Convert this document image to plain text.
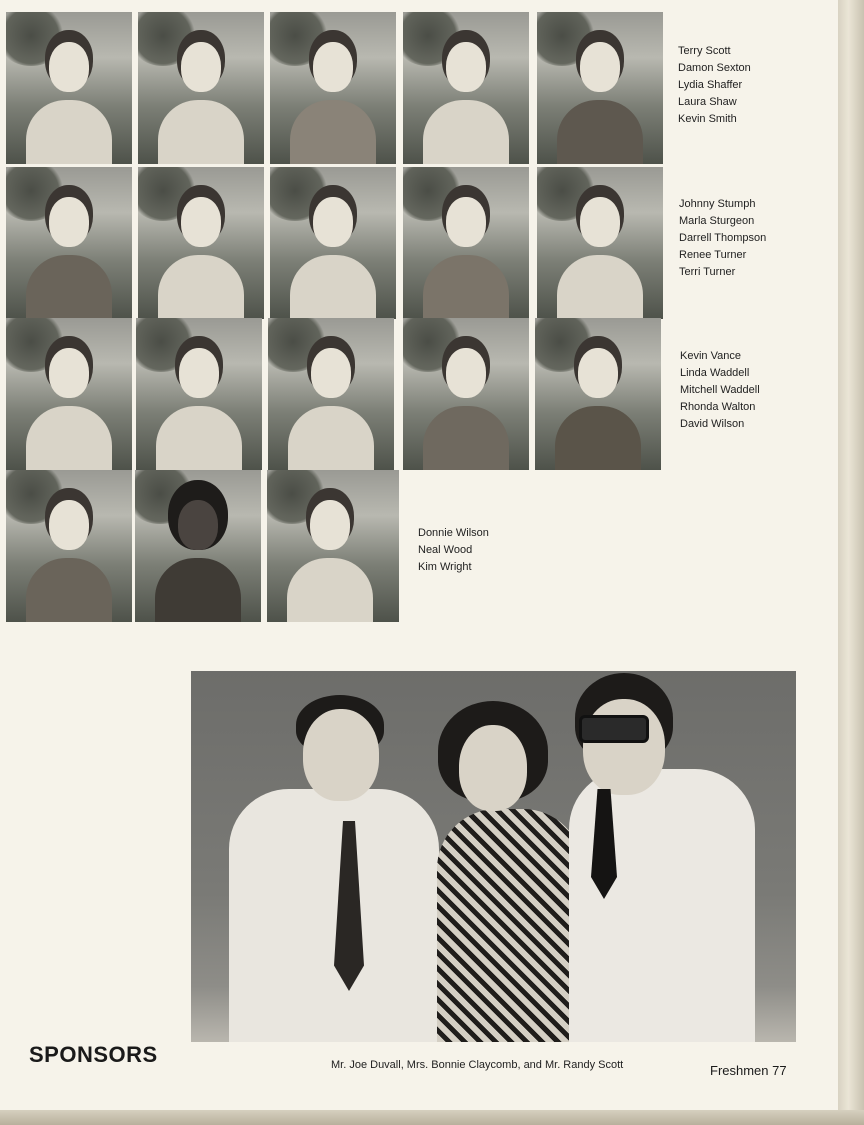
Terry Scott
Damon Sexton
Lydia Shaffer
Laura Shaw
Kevin Smith
Johnny Stumph
Marla Sturgeon
Darrell Thompson
Renee Turner
Terri Turner
Kevin Vance
Linda Waddell
Mitchell Waddell
Rhonda Walton
David Wilson
Donnie Wilson
Neal Wood
Kim Wright
SPONSORS	Mr. Joe Duvall, Mrs. Bonnie Claycomb, and Mr. Randy Scott	Freshmen 77
